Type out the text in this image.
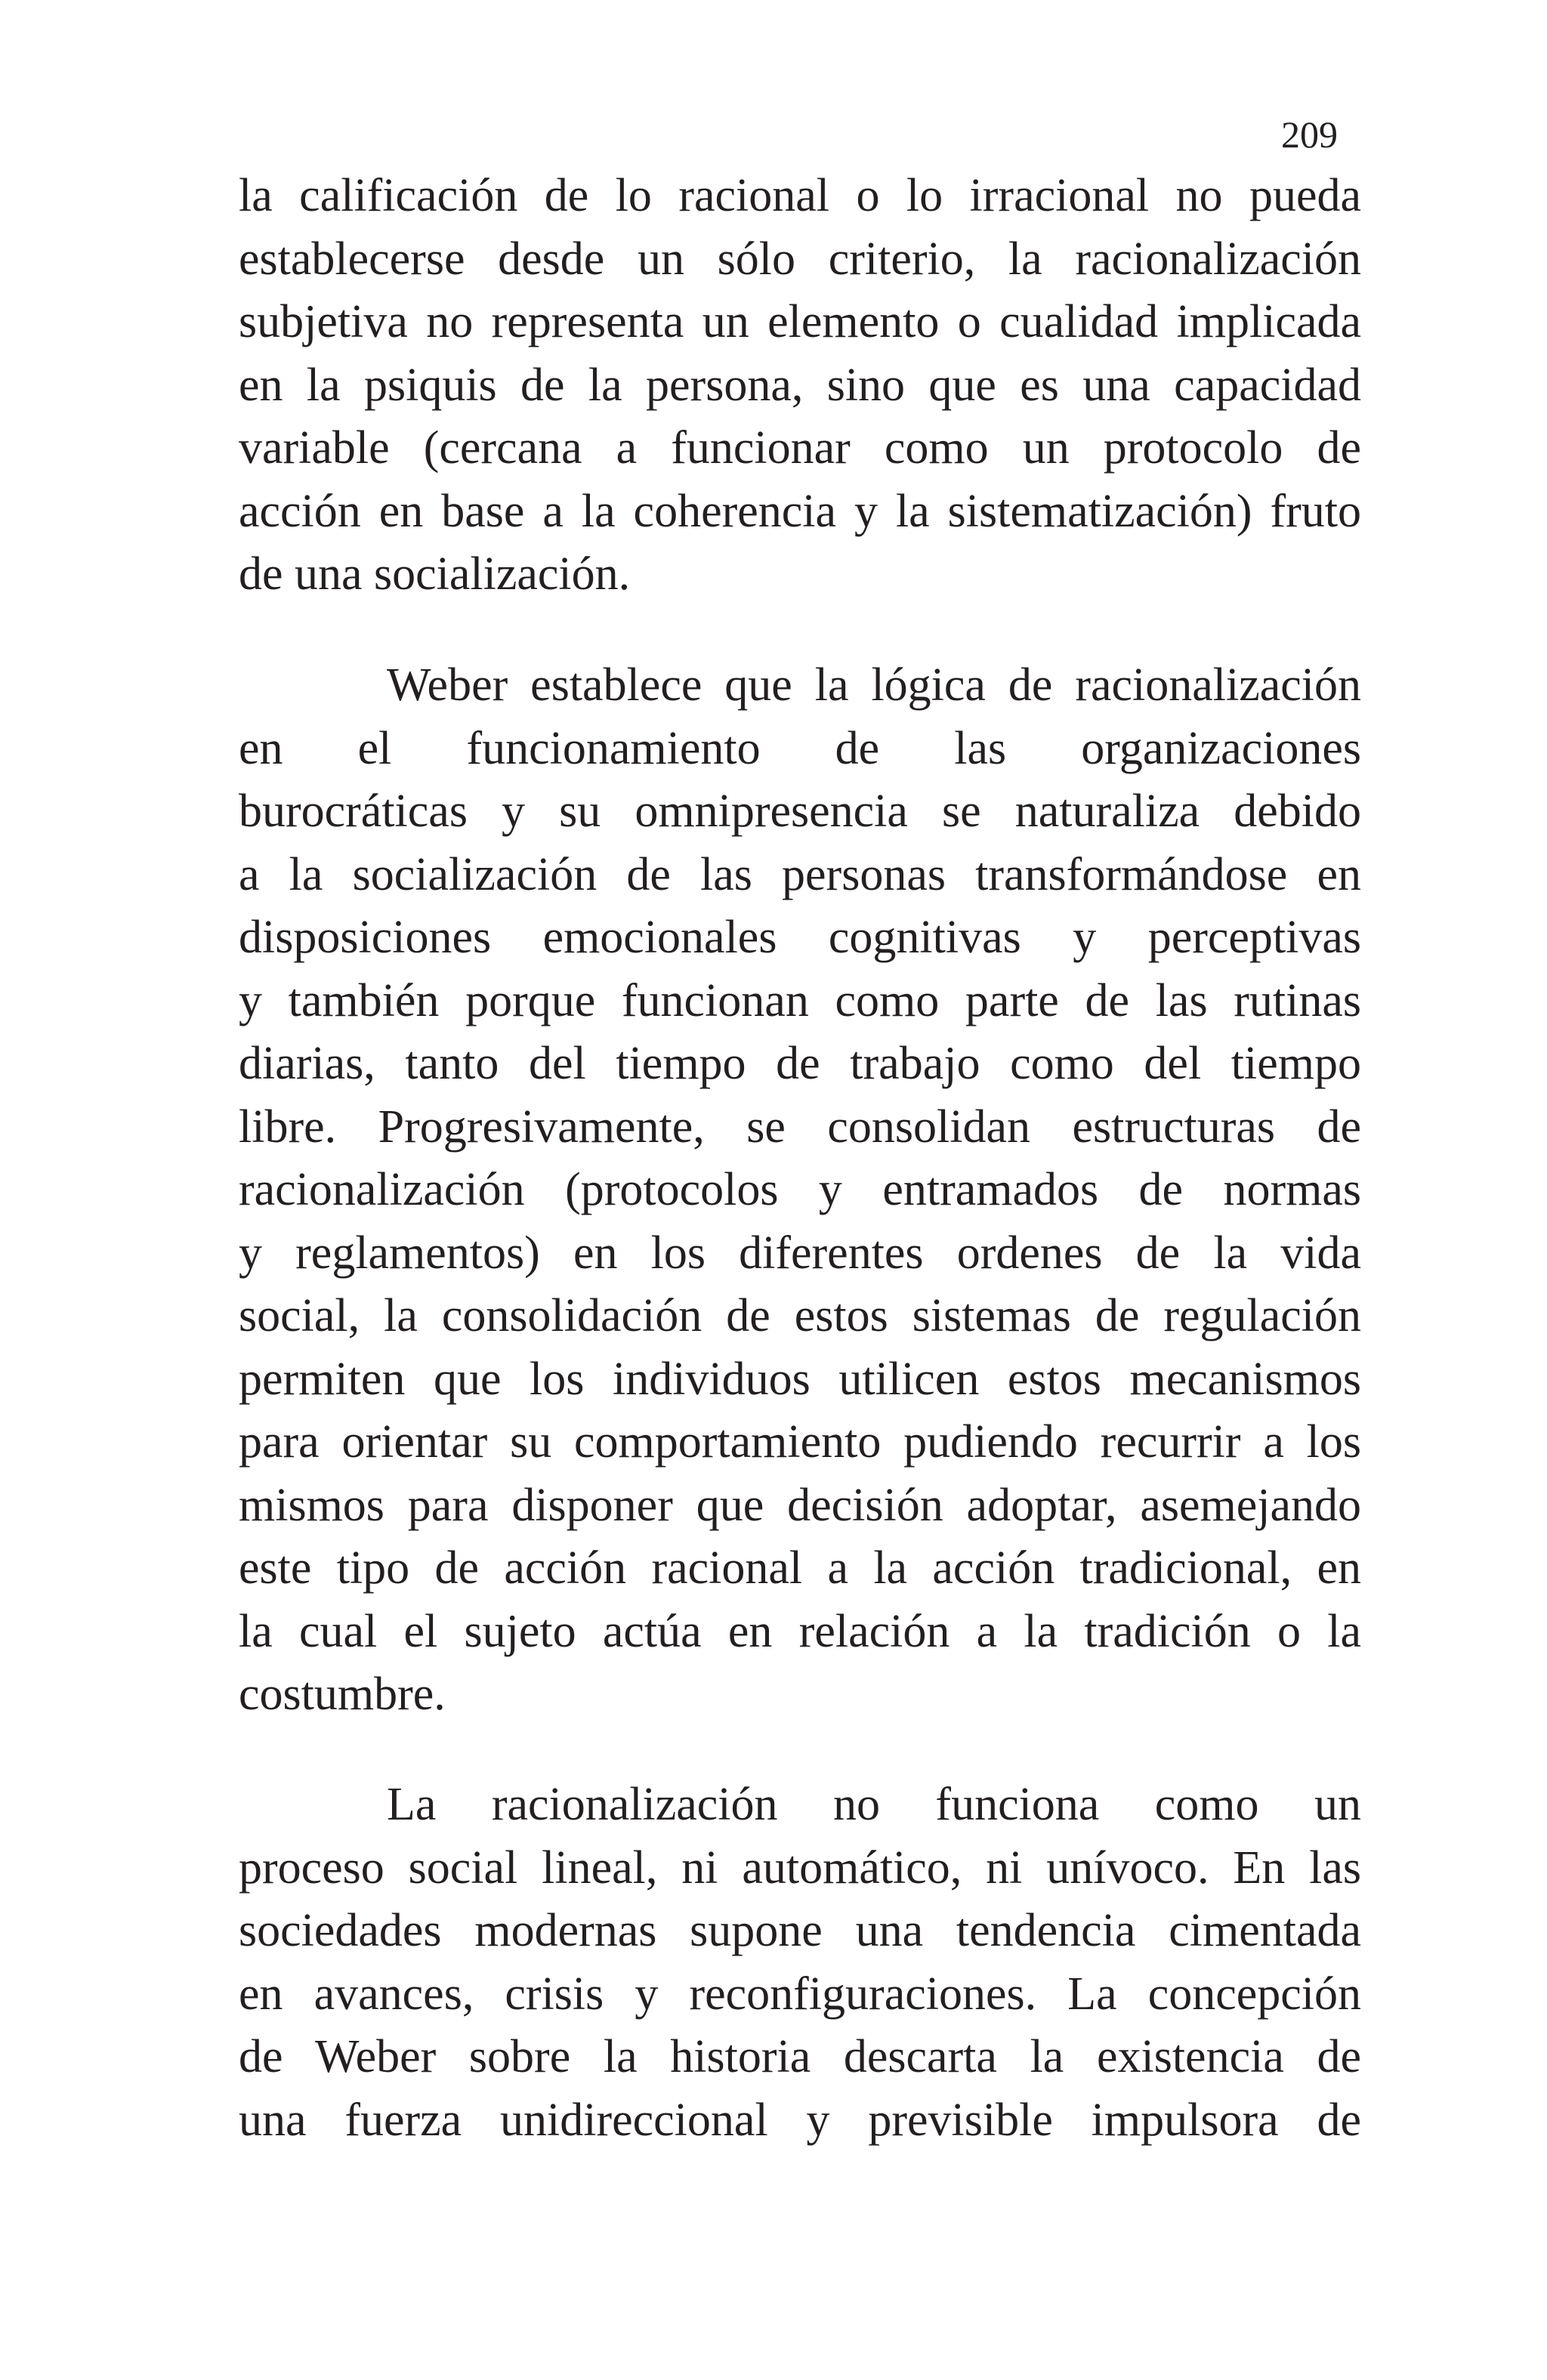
209
la calificación de lo racional o lo irracional no pueda
establecerse desde un sólo criterio, la racionalización
subjetiva no representa un elemento o cualidad implicada
en la psiquis de la persona, sino que es una capacidad
variable (cercana a funcionar como un protocolo de
acción en base a la coherencia y la sistematización) fruto
de una socialización.
Weber establece que la lógica de racionalización
en el funcionamiento de las organizaciones
burocráticas y su omnipresencia se naturaliza debido
a la socialización de las personas transformándose en
disposiciones emocionales cognitivas y perceptivas
y también porque funcionan como parte de las rutinas
diarias, tanto del tiempo de trabajo como del tiempo
libre. Progresivamente, se consolidan estructuras de
racionalización (protocolos y entramados de normas
y reglamentos) en los diferentes ordenes de la vida
social, la consolidación de estos sistemas de regulación
permiten que los individuos utilicen estos mecanismos
para orientar su comportamiento pudiendo recurrir a los
mismos para disponer que decisión adoptar, asemejando
este tipo de acción racional a la acción tradicional, en
la cual el sujeto actúa en relación a la tradición o la
costumbre.
La racionalización no funciona como un
proceso social lineal, ni automático, ni unívoco. En las
sociedades modernas supone una tendencia cimentada
en avances, crisis y reconfiguraciones. La concepción
de Weber sobre la historia descarta la existencia de
una fuerza unidireccional y previsible impulsora de
